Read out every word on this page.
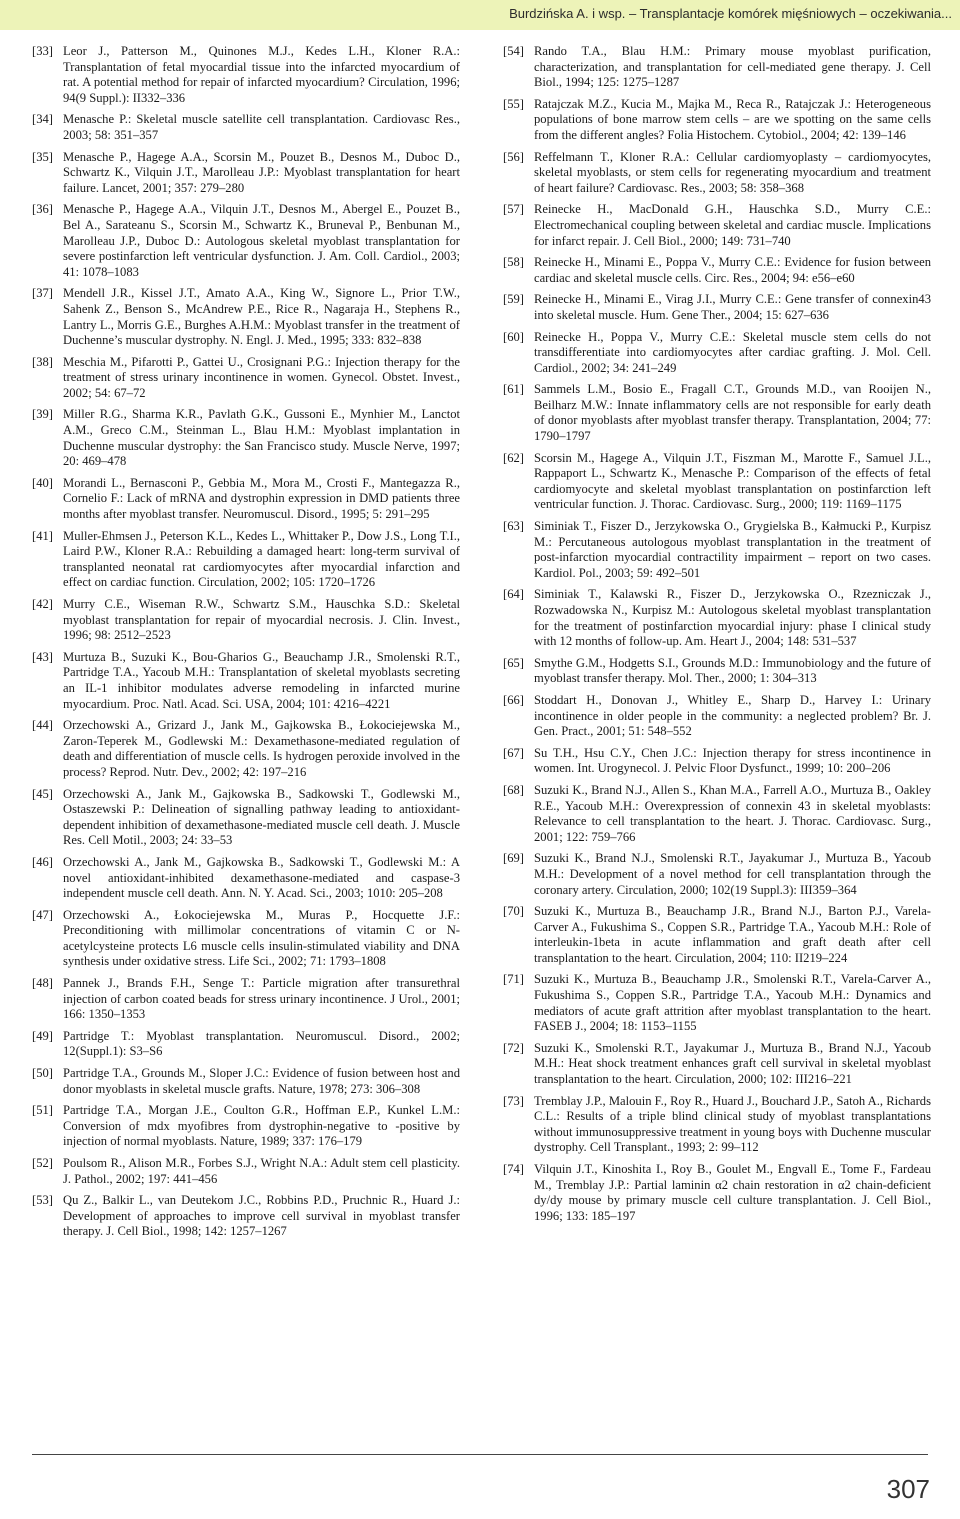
Burdzińska A. i wsp. – Transplantacje komórek mięśniowych – oczekiwania...
[33] Leor J., Patterson M., Quinones M.J., Kedes L.H., Kloner R.A.: Transplantation of fetal myocardial tissue into the infarcted myocardium of rat. A potential method for repair of infarcted myocardium? Circulation, 1996; 94(9 Suppl.): II332–336
[34] Menasche P.: Skeletal muscle satellite cell transplantation. Cardiovasc Res., 2003; 58: 351–357
[35] Menasche P., Hagege A.A., Scorsin M., Pouzet B., Desnos M., Duboc D., Schwartz K., Vilquin J.T., Marolleau J.P.: Myoblast transplantation for heart failure. Lancet, 2001; 357: 279–280
[36] Menasche P., Hagege A.A., Vilquin J.T., Desnos M., Abergel E., Pouzet B., Bel A., Sarateanu S., Scorsin M., Schwartz K., Bruneval P., Benbunan M., Marolleau J.P., Duboc D.: Autologous skeletal myoblast transplantation for severe postinfarction left ventricular dysfunction. J. Am. Coll. Cardiol., 2003; 41: 1078–1083
[37] Mendell J.R., Kissel J.T., Amato A.A., King W., Signore L., Prior T.W., Sahenk Z., Benson S., McAndrew P.E., Rice R., Nagaraja H., Stephens R., Lantry L., Morris G.E., Burghes A.H.M.: Myoblast transfer in the treatment of Duchenne’s muscular dystrophy. N. Engl. J. Med., 1995; 333: 832–838
[38] Meschia M., Pifarotti P., Gattei U., Crosignani P.G.: Injection therapy for the treatment of stress urinary incontinence in women. Gynecol. Obstet. Invest., 2002; 54: 67–72
[39] Miller R.G., Sharma K.R., Pavlath G.K., Gussoni E., Mynhier M., Lanctot A.M., Greco C.M., Steinman L., Blau H.M.: Myoblast implantation in Duchenne muscular dystrophy: the San Francisco study. Muscle Nerve, 1997; 20: 469–478
[40] Morandi L., Bernasconi P., Gebbia M., Mora M., Crosti F., Mantegazza R., Cornelio F.: Lack of mRNA and dystrophin expression in DMD patients three months after myoblast transfer. Neuromuscul. Disord., 1995; 5: 291–295
[41] Muller-Ehmsen J., Peterson K.L., Kedes L., Whittaker P., Dow J.S., Long T.I., Laird P.W., Kloner R.A.: Rebuilding a damaged heart: long-term survival of transplanted neonatal rat cardiomyocytes after myocardial infarction and effect on cardiac function. Circulation, 2002; 105: 1720–1726
[42] Murry C.E., Wiseman R.W., Schwartz S.M., Hauschka S.D.: Skeletal myoblast transplantation for repair of myocardial necrosis. J. Clin. Invest., 1996; 98: 2512–2523
[43] Murtuza B., Suzuki K., Bou-Gharios G., Beauchamp J.R., Smolenski R.T., Partridge T.A., Yacoub M.H.: Transplantation of skeletal myoblasts secreting an IL-1 inhibitor modulates adverse remodeling in infarcted murine myocardium. Proc. Natl. Acad. Sci. USA, 2004; 101: 4216–4221
[44] Orzechowski A., Grizard J., Jank M., Gajkowska B., Łokociejewska M., Zaron-Teperek M., Godlewski M.: Dexamethasone-mediated regulation of death and differentiation of muscle cells. Is hydrogen peroxide involved in the process? Reprod. Nutr. Dev., 2002; 42: 197–216
[45] Orzechowski A., Jank M., Gajkowska B., Sadkowski T., Godlewski M., Ostaszewski P.: Delineation of signalling pathway leading to antioxidant-dependent inhibition of dexamethasone-mediated muscle cell death. J. Muscle Res. Cell Motil., 2003; 24: 33–53
[46] Orzechowski A., Jank M., Gajkowska B., Sadkowski T., Godlewski M.: A novel antioxidant-inhibited dexamethasone-mediated and caspase-3 independent muscle cell death. Ann. N. Y. Acad. Sci., 2003; 1010: 205–208
[47] Orzechowski A., Łokociejewska M., Muras P., Hocquette J.F.: Preconditioning with millimolar concentrations of vitamin C or N-acetylcysteine protects L6 muscle cells insulin-stimulated viability and DNA synthesis under oxidative stress. Life Sci., 2002; 71: 1793–1808
[48] Pannek J., Brands F.H., Senge T.: Particle migration after transurethral injection of carbon coated beads for stress urinary incontinence. J Urol., 2001; 166: 1350–1353
[49] Partridge T.: Myoblast transplantation. Neuromuscul. Disord., 2002; 12(Suppl.1): S3–S6
[50] Partridge T.A., Grounds M., Sloper J.C.: Evidence of fusion between host and donor myoblasts in skeletal muscle grafts. Nature, 1978; 273: 306–308
[51] Partridge T.A., Morgan J.E., Coulton G.R., Hoffman E.P., Kunkel L.M.: Conversion of mdx myofibres from dystrophin-negative to -positive by injection of normal myoblasts. Nature, 1989; 337: 176–179
[52] Poulsom R., Alison M.R., Forbes S.J., Wright N.A.: Adult stem cell plasticity. J. Pathol., 2002; 197: 441–456
[53] Qu Z., Balkir L., van Deutekom J.C., Robbins P.D., Pruchnic R., Huard J.: Development of approaches to improve cell survival in myoblast transfer therapy. J. Cell Biol., 1998; 142: 1257–1267
[54] Rando T.A., Blau H.M.: Primary mouse myoblast purification, characterization, and transplantation for cell-mediated gene therapy. J. Cell Biol., 1994; 125: 1275–1287
[55] Ratajczak M.Z., Kucia M., Majka M., Reca R., Ratajczak J.: Heterogeneous populations of bone marrow stem cells – are we spotting on the same cells from the different angles? Folia Histochem. Cytobiol., 2004; 42: 139–146
[56] Reffelmann T., Kloner R.A.: Cellular cardiomyoplasty – cardiomyocytes, skeletal myoblasts, or stem cells for regenerating myocardium and treatment of heart failure? Cardiovasc. Res., 2003; 58: 358–368
[57] Reinecke H., MacDonald G.H., Hauschka S.D., Murry C.E.: Electromechanical coupling between skeletal and cardiac muscle. Implications for infarct repair. J. Cell Biol., 2000; 149: 731–740
[58] Reinecke H., Minami E., Poppa V., Murry C.E.: Evidence for fusion between cardiac and skeletal muscle cells. Circ. Res., 2004; 94: e56–e60
[59] Reinecke H., Minami E., Virag J.I., Murry C.E.: Gene transfer of connexin43 into skeletal muscle. Hum. Gene Ther., 2004; 15: 627–636
[60] Reinecke H., Poppa V., Murry C.E.: Skeletal muscle stem cells do not transdifferentiate into cardiomyocytes after cardiac grafting. J. Mol. Cell. Cardiol., 2002; 34: 241–249
[61] Sammels L.M., Bosio E., Fragall C.T., Grounds M.D., van Rooijen N., Beilharz M.W.: Innate inflammatory cells are not responsible for early death of donor myoblasts after myoblast transfer therapy. Transplantation, 2004; 77: 1790–1797
[62] Scorsin M., Hagege A., Vilquin J.T., Fiszman M., Marotte F., Samuel J.L., Rappaport L., Schwartz K., Menasche P.: Comparison of the effects of fetal cardiomyocyte and skeletal myoblast transplantation on postinfarction left ventricular function. J. Thorac. Cardiovasc. Surg., 2000; 119: 1169–1175
[63] Siminiak T., Fiszer D., Jerzykowska O., Grygielska B., Kałmucki P., Kurpisz M.: Percutaneous autologous myoblast transplantation in the treatment of post-infarction myocardial contractility impairment – report on two cases. Kardiol. Pol., 2003; 59: 492–501
[64] Siminiak T., Kalawski R., Fiszer D., Jerzykowska O., Rzezniczak J., Rozwadowska N., Kurpisz M.: Autologous skeletal myoblast transplantation for the treatment of postinfarction myocardial injury: phase I clinical study with 12 months of follow-up. Am. Heart J., 2004; 148: 531–537
[65] Smythe G.M., Hodgetts S.I., Grounds M.D.: Immunobiology and the future of myoblast transfer therapy. Mol. Ther., 2000; 1: 304–313
[66] Stoddart H., Donovan J., Whitley E., Sharp D., Harvey I.: Urinary incontinence in older people in the community: a neglected problem? Br. J. Gen. Pract., 2001; 51: 548–552
[67] Su T.H., Hsu C.Y., Chen J.C.: Injection therapy for stress incontinence in women. Int. Urogynecol. J. Pelvic Floor Dysfunct., 1999; 10: 200–206
[68] Suzuki K., Brand N.J., Allen S., Khan M.A., Farrell A.O., Murtuza B., Oakley R.E., Yacoub M.H.: Overexpression of connexin 43 in skeletal myoblasts: Relevance to cell transplantation to the heart. J. Thorac. Cardiovasc. Surg., 2001; 122: 759–766
[69] Suzuki K., Brand N.J., Smolenski R.T., Jayakumar J., Murtuza B., Yacoub M.H.: Development of a novel method for cell transplantation through the coronary artery. Circulation, 2000; 102(19 Suppl.3): III359–364
[70] Suzuki K., Murtuza B., Beauchamp J.R., Brand N.J., Barton P.J., Varela-Carver A., Fukushima S., Coppen S.R., Partridge T.A., Yacoub M.H.: Role of interleukin-1beta in acute inflammation and graft death after cell transplantation to the heart. Circulation, 2004; 110: II219–224
[71] Suzuki K., Murtuza B., Beauchamp J.R., Smolenski R.T., Varela-Carver A., Fukushima S., Coppen S.R., Partridge T.A., Yacoub M.H.: Dynamics and mediators of acute graft attrition after myoblast transplantation to the heart. FASEB J., 2004; 18: 1153–1155
[72] Suzuki K., Smolenski R.T., Jayakumar J., Murtuza B., Brand N.J., Yacoub M.H.: Heat shock treatment enhances graft cell survival in skeletal myoblast transplantation to the heart. Circulation, 2000; 102: III216–221
[73] Tremblay J.P., Malouin F., Roy R., Huard J., Bouchard J.P., Satoh A., Richards C.L.: Results of a triple blind clinical study of myoblast transplantations without immunosuppressive treatment in young boys with Duchenne muscular dystrophy. Cell Transplant., 1993; 2: 99–112
[74] Vilquin J.T., Kinoshita I., Roy B., Goulet M., Engvall E., Tome F., Fardeau M., Tremblay J.P.: Partial laminin α2 chain restoration in α2 chain-deficient dy/dy mouse by primary muscle cell culture transplantation. J. Cell Biol., 1996; 133: 185–197
307
